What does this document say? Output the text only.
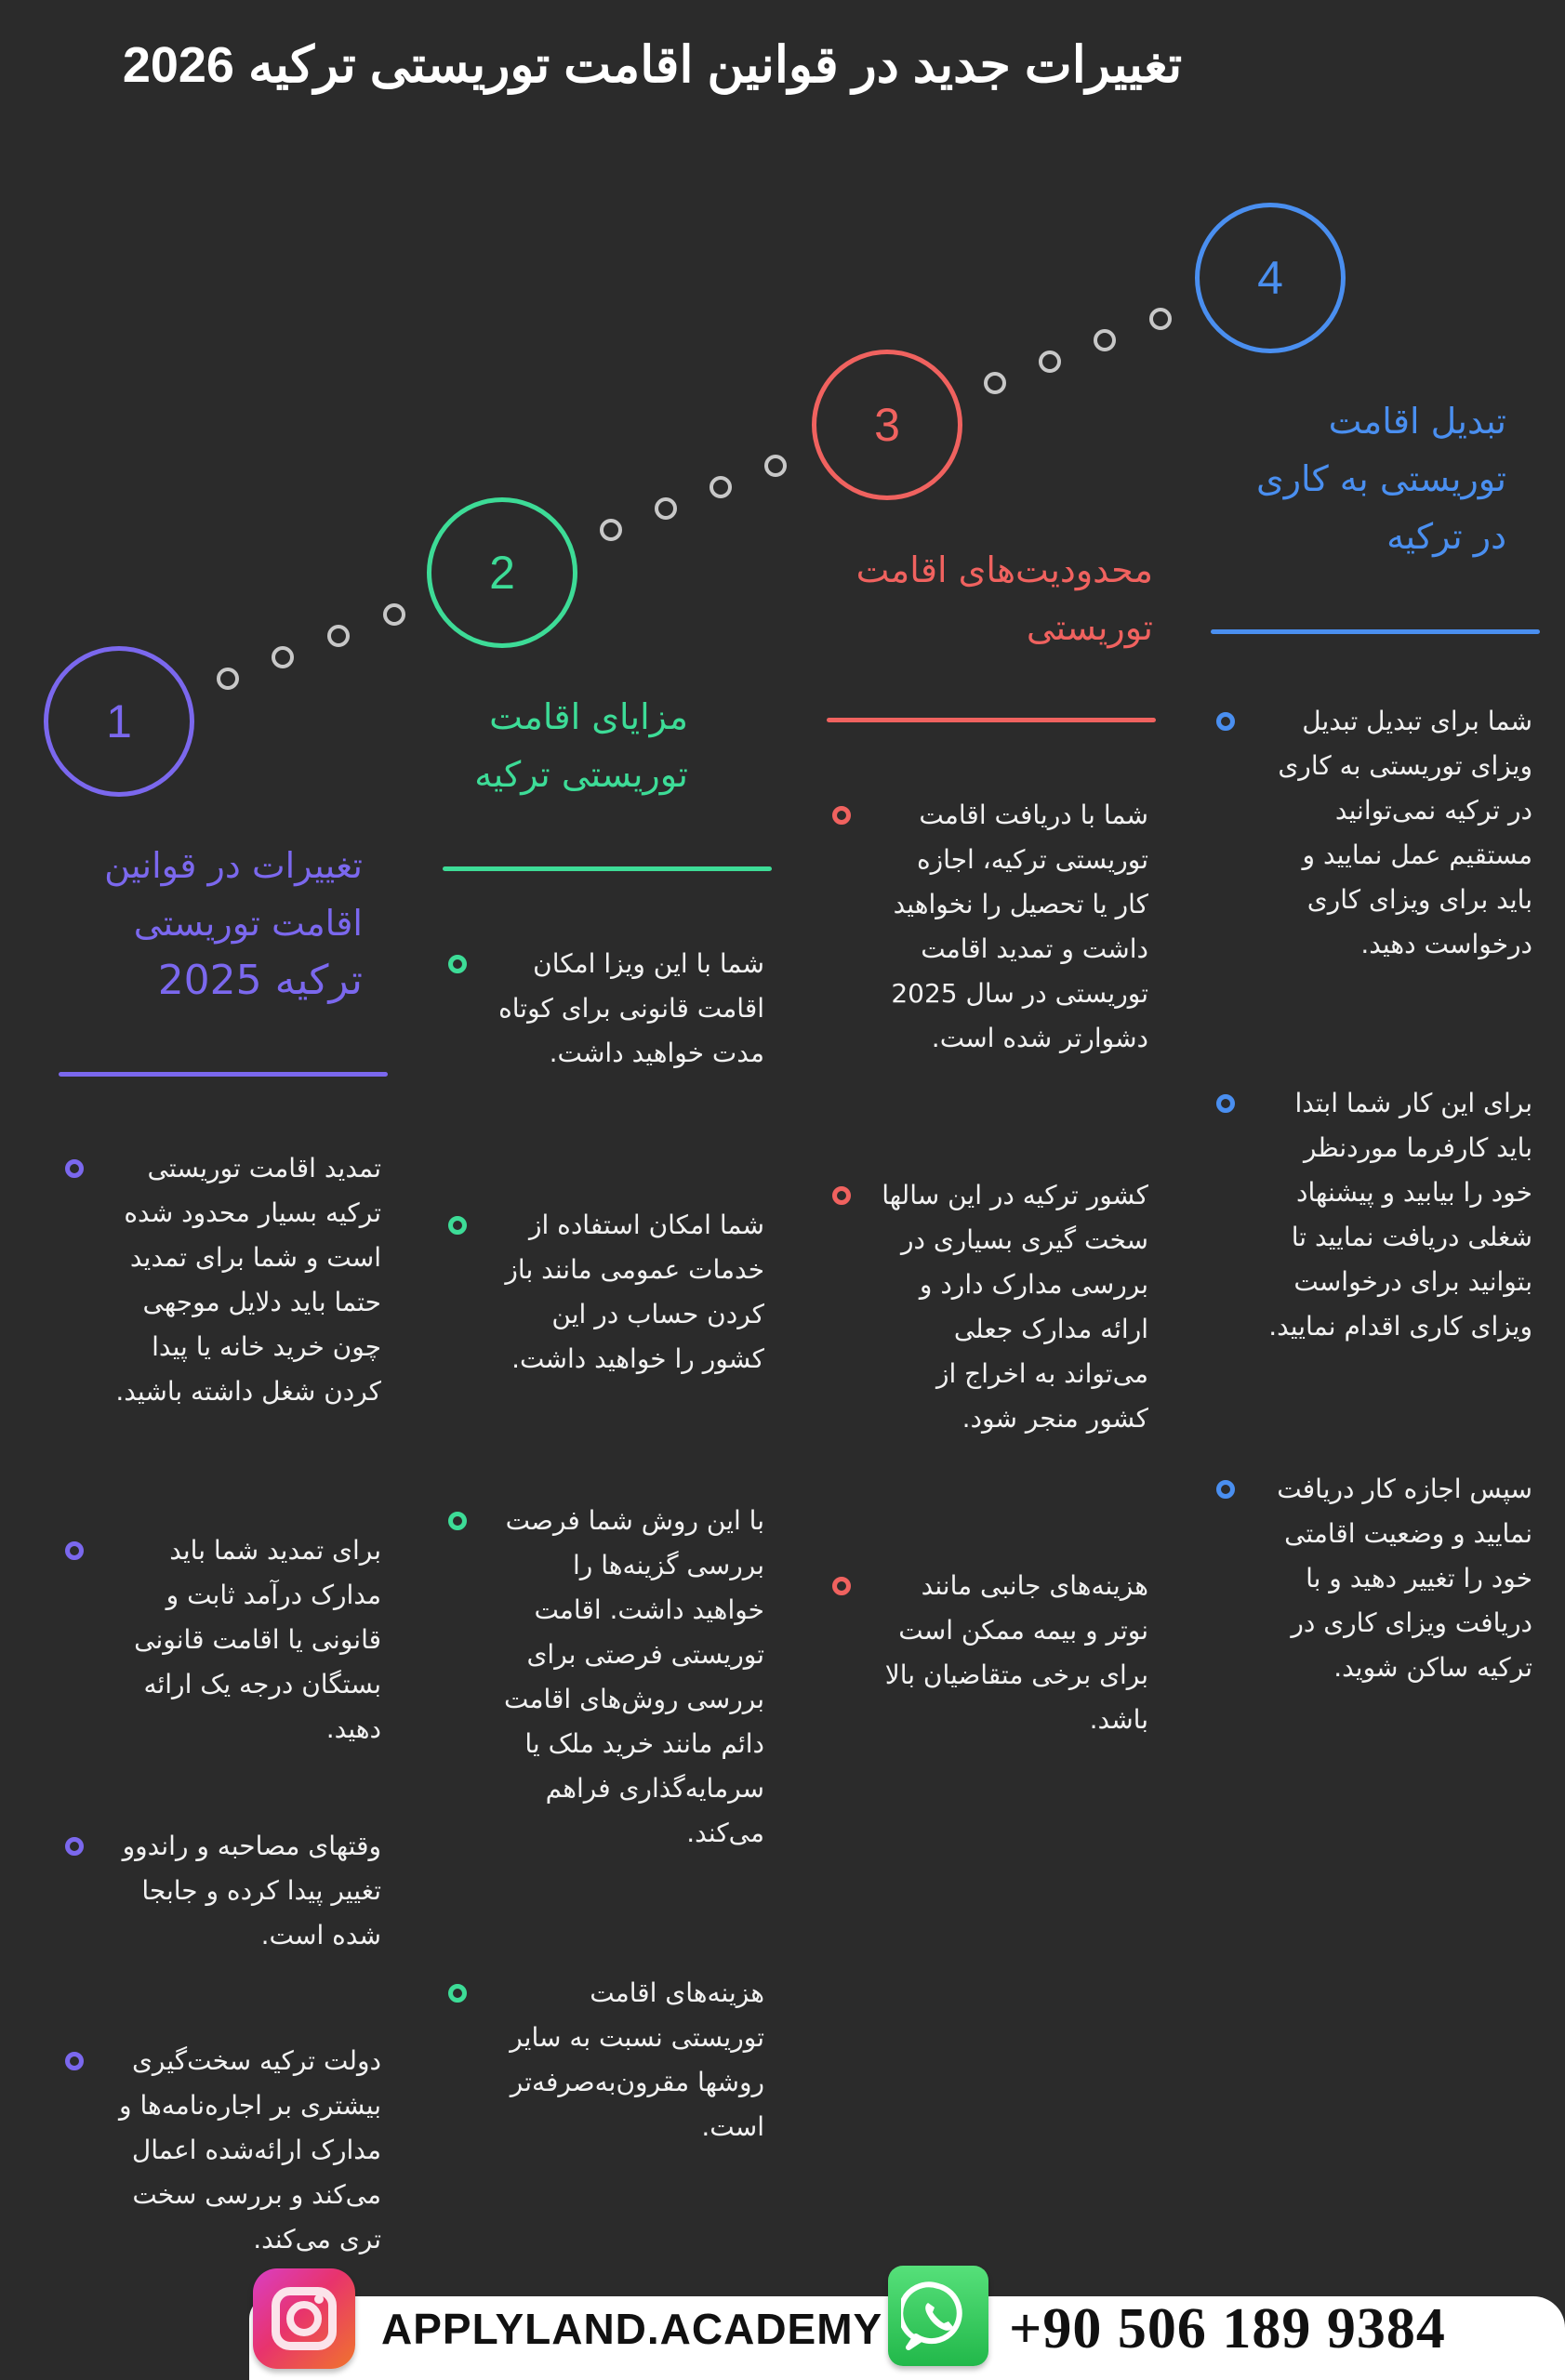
تغییرات جدید در قوانین اقامت توریستی ترکیه 2026
1
تغییرات در قوانین
اقامت توریستی
ترکیه 2025
تمدید اقامت توریستی ترکیه بسیار محدود شده است و شما برای تمدید حتما باید دلایل موجهی چون خرید خانه یا پیدا کردن شغل داشته باشید.
برای تمدید شما باید مدارک درآمد ثابت و قانونی یا اقامت قانونی بستگان درجه یک ارائه دهید.
وقتهای مصاحبه و راندوو تغییر پیدا کرده و جابجا شده است.
دولت ترکیه سخت‌گیری بیشتری بر اجاره‌نامه‌ها و مدارک ارائه‌شده اعمال می‌کند و بررسی سخت تری می‌کند.
2
مزایای اقامت
توریستی ترکیه
شما با این ویزا امکان اقامت قانونی برای کوتاه مدت خواهید داشت.
شما امکان استفاده از خدمات عمومی مانند باز کردن حساب در این کشور را خواهید داشت.
با این روش شما فرصت بررسی گزینه‌ها را خواهید داشت. اقامت توریستی فرصتی برای بررسی روش‌های اقامت دائم مانند خرید ملک یا سرمایه‌گذاری فراهم می‌کند.
هزینه‌های اقامت توریستی نسبت به سایر روشها مقرون‌به‌صرفه‌تر است.
3
محدودیت‌های اقامت
توریستی
شما با دریافت اقامت توریستی ترکیه، اجازه کار یا تحصیل را نخواهید داشت و تمدید اقامت توریستی در سال 2025 دشوارتر شده است.
کشور ترکیه در این سالها سخت گیری بسیاری در بررسی مدارک دارد و ارائه مدارک جعلی می‌تواند به اخراج از کشور منجر شود.
هزینه‌های جانبی مانند نوتر و بیمه ممکن است برای برخی متقاضیان بالا باشد.
4
تبدیل اقامت
توریستی به کاری
در ترکیه
شما برای تبدیل تبدیل ویزای توریستی به کاری در ترکیه نمی‌توانید مستقیم عمل نمایید و باید برای ویزای کاری درخواست دهید.
برای این کار شما ابتدا باید کارفرما موردنظر خود را بیابید و پیشنهاد شغلی دریافت نمایید تا بتوانید برای درخواست ویزای کاری اقدام نمایید.
سپس اجازه کار دریافت نمایید و وضعیت اقامتی خود را تغییر دهید و با دریافت ویزای کاری در ترکیه ساکن شوید.
APPLYLAND.ACADEMY +90 506 189 9384
